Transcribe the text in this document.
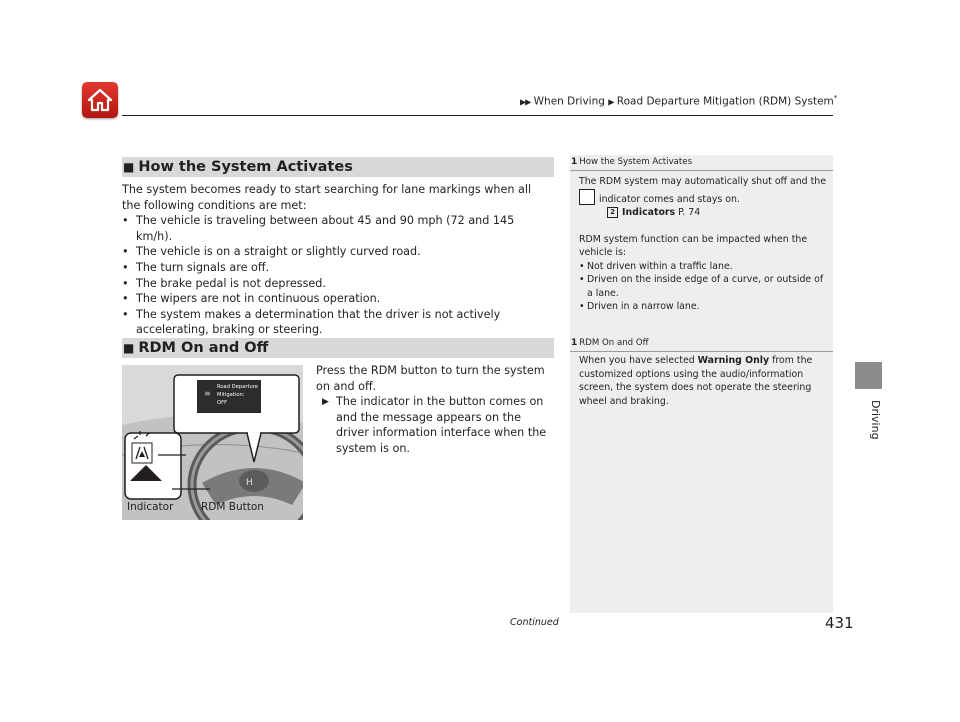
▶▶ When Driving ▶ Road Departure Mitigation (RDM) System*
Driving
■ How the System Activates

The system becomes ready to start searching for lane markings when all the following conditions are met:

• The vehicle is traveling between about 45 and 90 mph (72 and 145 km/h).
• The vehicle is on a straight or slightly curved road.
• The turn signals are off.
• The brake pedal is not depressed.
• The wipers are not in continuous operation.
• The system makes a determination that the driver is not actively accelerating, braking or steering.
■ RDM On and Off
H
≡
Road Departure
Mitigation:
OFF
Indicator	RDM Button
Press the RDM button to turn the system on and off.
▶ The indicator in the button comes on and the message appears on the driver information interface when the system is on.
1 How the System Activates

The RDM system may automatically shut off and the

indicator comes and stays on.

2 Indicators
P. 74

RDM system function can be impacted when the vehicle is:

• Not driven within a traffic lane.
• Driven on the inside edge of a curve, or outside of a lane.
• Driven in a narrow lane.
1 RDM On and Off

When you have selected Warning Only from the customized options using the audio/information screen, the system does not operate the steering wheel and braking.

Continued	431
